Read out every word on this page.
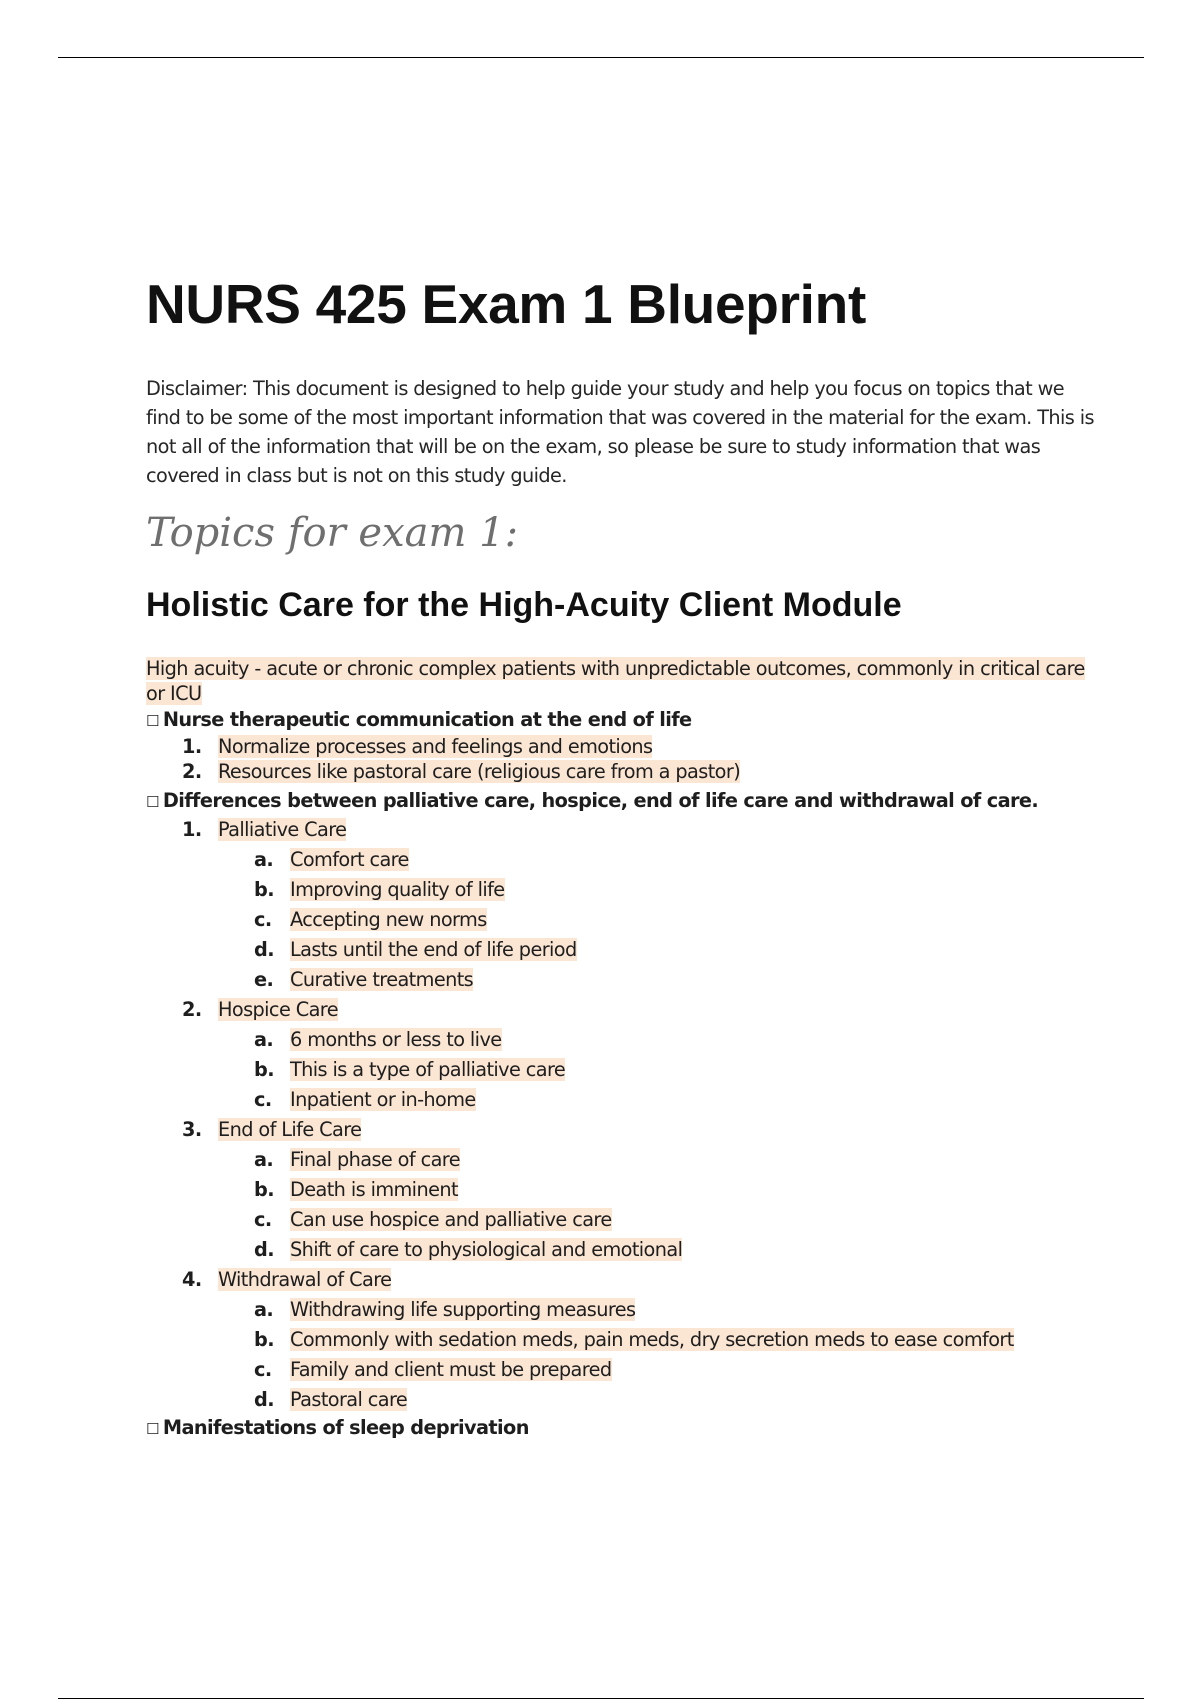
NURS 425 Exam 1 Blueprint

Disclaimer: This document is designed to help guide your study and help you focus on topics that we find to be some of the most important information that was covered in the material for the exam. This is not all of the information that will be on the exam, so please be sure to study information that was covered in class but is not on this study guide.

Topics for exam 1:
Holistic Care for the High-Acuity Client Module

High acuity - acute or chronic complex patients with unpredictable outcomes, commonly in critical care or ICU

☐ Nurse therapeutic communication at the end of life
1. Normalize processes and feelings and emotions
2. Resources like pastoral care (religious care from a pastor)
☐ Differences between palliative care, hospice, end of life care and withdrawal of care.
1. Palliative Care
a. Comfort care
b. Improving quality of life
c. Accepting new norms
d. Lasts until the end of life period
e. Curative treatments
2. Hospice Care
a. 6 months or less to live
b. This is a type of palliative care
c. Inpatient or in-home
3. End of Life Care
a. Final phase of care
b. Death is imminent
c. Can use hospice and palliative care
d. Shift of care to physiological and emotional
4. Withdrawal of Care
a. Withdrawing life supporting measures
b. Commonly with sedation meds, pain meds, dry secretion meds to ease comfort
c. Family and client must be prepared
d. Pastoral care
☐ Manifestations of sleep deprivation
